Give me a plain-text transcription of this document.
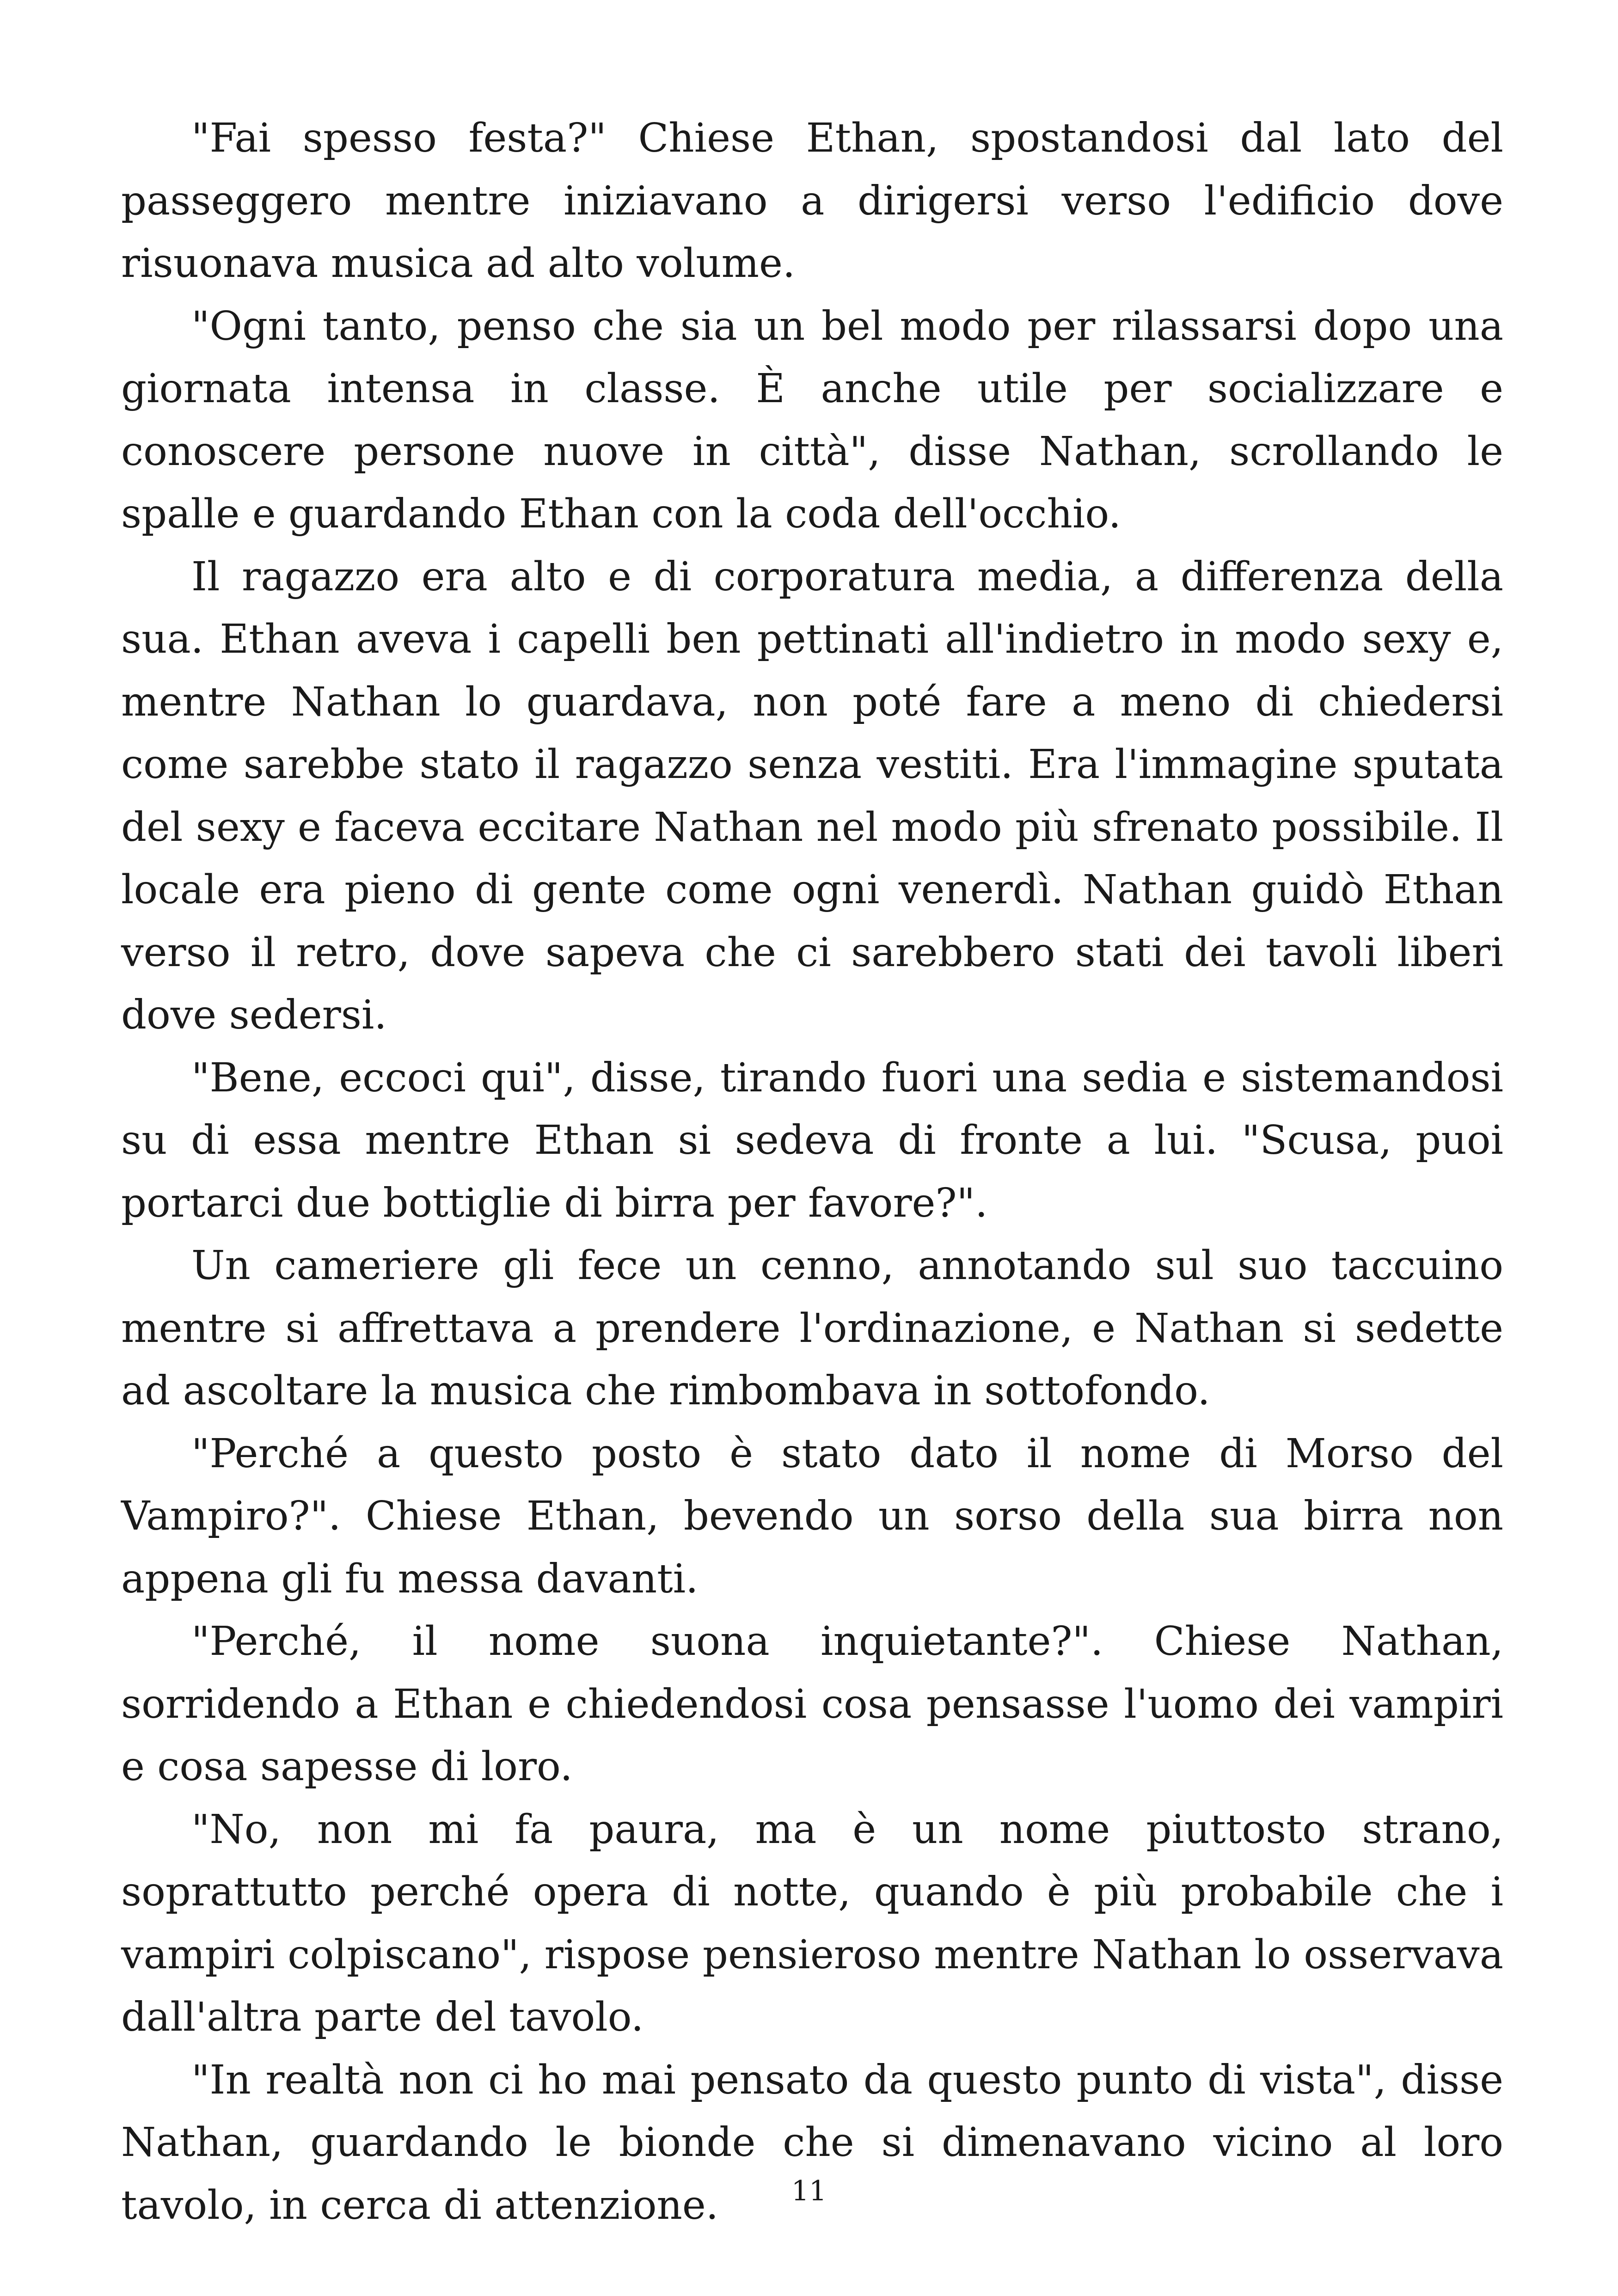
"Fai spesso festa?" Chiese Ethan, spostandosi dal lato del passeggero mentre iniziavano a dirigersi verso l'edificio dove risuonava musica ad alto volume.

"Ogni tanto, penso che sia un bel modo per rilassarsi dopo una giornata intensa in classe. È anche utile per socializzare e conoscere persone nuove in città", disse Nathan, scrollando le spalle e guardando Ethan con la coda dell'occhio.

Il ragazzo era alto e di corporatura media, a differenza della sua. Ethan aveva i capelli ben pettinati all'indietro in modo sexy e, mentre Nathan lo guardava, non poté fare a meno di chiedersi come sarebbe stato il ragazzo senza vestiti. Era l'immagine sputata del sexy e faceva eccitare Nathan nel modo più sfrenato possibile. Il locale era pieno di gente come ogni venerdì. Nathan guidò Ethan verso il retro, dove sapeva che ci sarebbero stati dei tavoli liberi dove sedersi.

"Bene, eccoci qui", disse, tirando fuori una sedia e sistemandosi su di essa mentre Ethan si sedeva di fronte a lui. "Scusa, puoi portarci due bottiglie di birra per favore?".

Un cameriere gli fece un cenno, annotando sul suo taccuino mentre si affrettava a prendere l'ordinazione, e Nathan si sedette ad ascoltare la musica che rimbombava in sottofondo.

"Perché a questo posto è stato dato il nome di Morso del Vampiro?". Chiese Ethan, bevendo un sorso della sua birra non appena gli fu messa davanti.

"Perché, il nome suona inquietante?". Chiese Nathan, sorridendo a Ethan e chiedendosi cosa pensasse l'uomo dei vampiri e cosa sapesse di loro.

"No, non mi fa paura, ma è un nome piuttosto strano, soprattutto perché opera di notte, quando è più probabile che i vampiri colpiscano", rispose pensieroso mentre Nathan lo osservava dall'altra parte del tavolo.

"In realtà non ci ho mai pensato da questo punto di vista", disse Nathan, guardando le bionde che si dimenavano vicino al loro tavolo, in cerca di attenzione.	11
